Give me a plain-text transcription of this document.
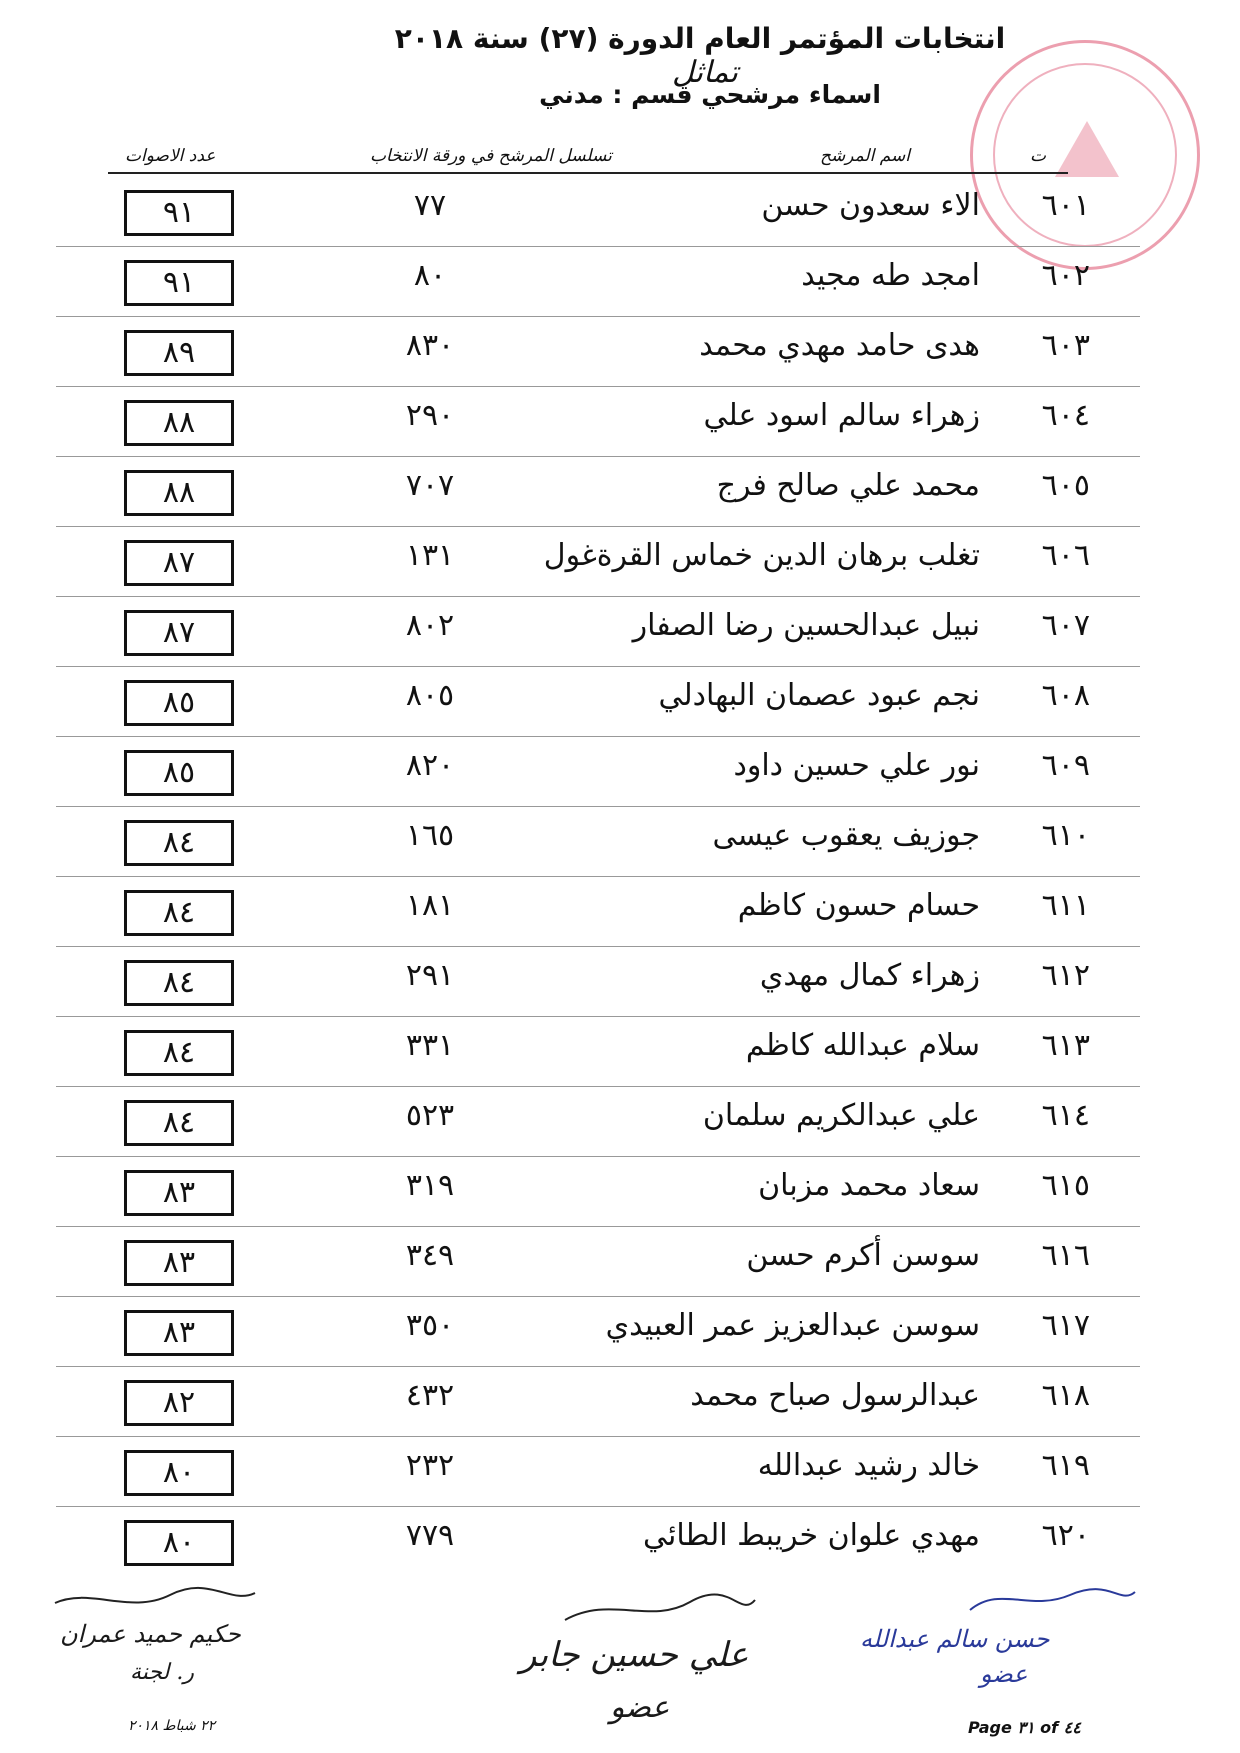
انتخابات المؤتمر العام الدورة (٢٧) سنة ٢٠١٨ تماثل
اسماء مرشحي قسم : مدني
ت
اسم المرشح
تسلسل المرشح في ورقة الانتخاب
عدد الاصوات
٦٠١
الاء سعدون حسن
٧٧
٩١
٦٠٢
امجد طه مجيد
٨٠
٩١
٦٠٣
هدى حامد مهدي محمد
٨٣٠
٨٩
٦٠٤
زهراء سالم اسود علي
٢٩٠
٨٨
٦٠٥
محمد علي صالح فرج
٧٠٧
٨٨
٦٠٦
تغلب برهان الدين خماس القرةغول
١٣١
٨٧
٦٠٧
نبيل عبدالحسين رضا الصفار
٨٠٢
٨٧
٦٠٨
نجم عبود عصمان البهادلي
٨٠٥
٨٥
٦٠٩
نور علي حسين داود
٨٢٠
٨٥
٦١٠
جوزيف يعقوب عيسى
١٦٥
٨٤
٦١١
حسام حسون كاظم
١٨١
٨٤
٦١٢
زهراء كمال مهدي
٢٩١
٨٤
٦١٣
سلام عبدالله كاظم
٣٣١
٨٤
٦١٤
علي عبدالكريم سلمان
٥٢٣
٨٤
٦١٥
سعاد محمد مزبان
٣١٩
٨٣
٦١٦
سوسن أكرم حسن
٣٤٩
٨٣
٦١٧
سوسن عبدالعزيز عمر العبيدي
٣٥٠
٨٣
٦١٨
عبدالرسول صباح محمد
٤٣٢
٨٢
٦١٩
خالد رشيد عبدالله
٢٣٢
٨٠
٦٢٠
مهدي علوان خريبط الطائي
٧٧٩
٨٠
حكيم حميد عمران
ر. لجنة	علي حسين جابر
عضو
حسن سالم عبدالله
عضو
٢٢ شباط ٢٠١٨	Page ٣١ of ٤٤
